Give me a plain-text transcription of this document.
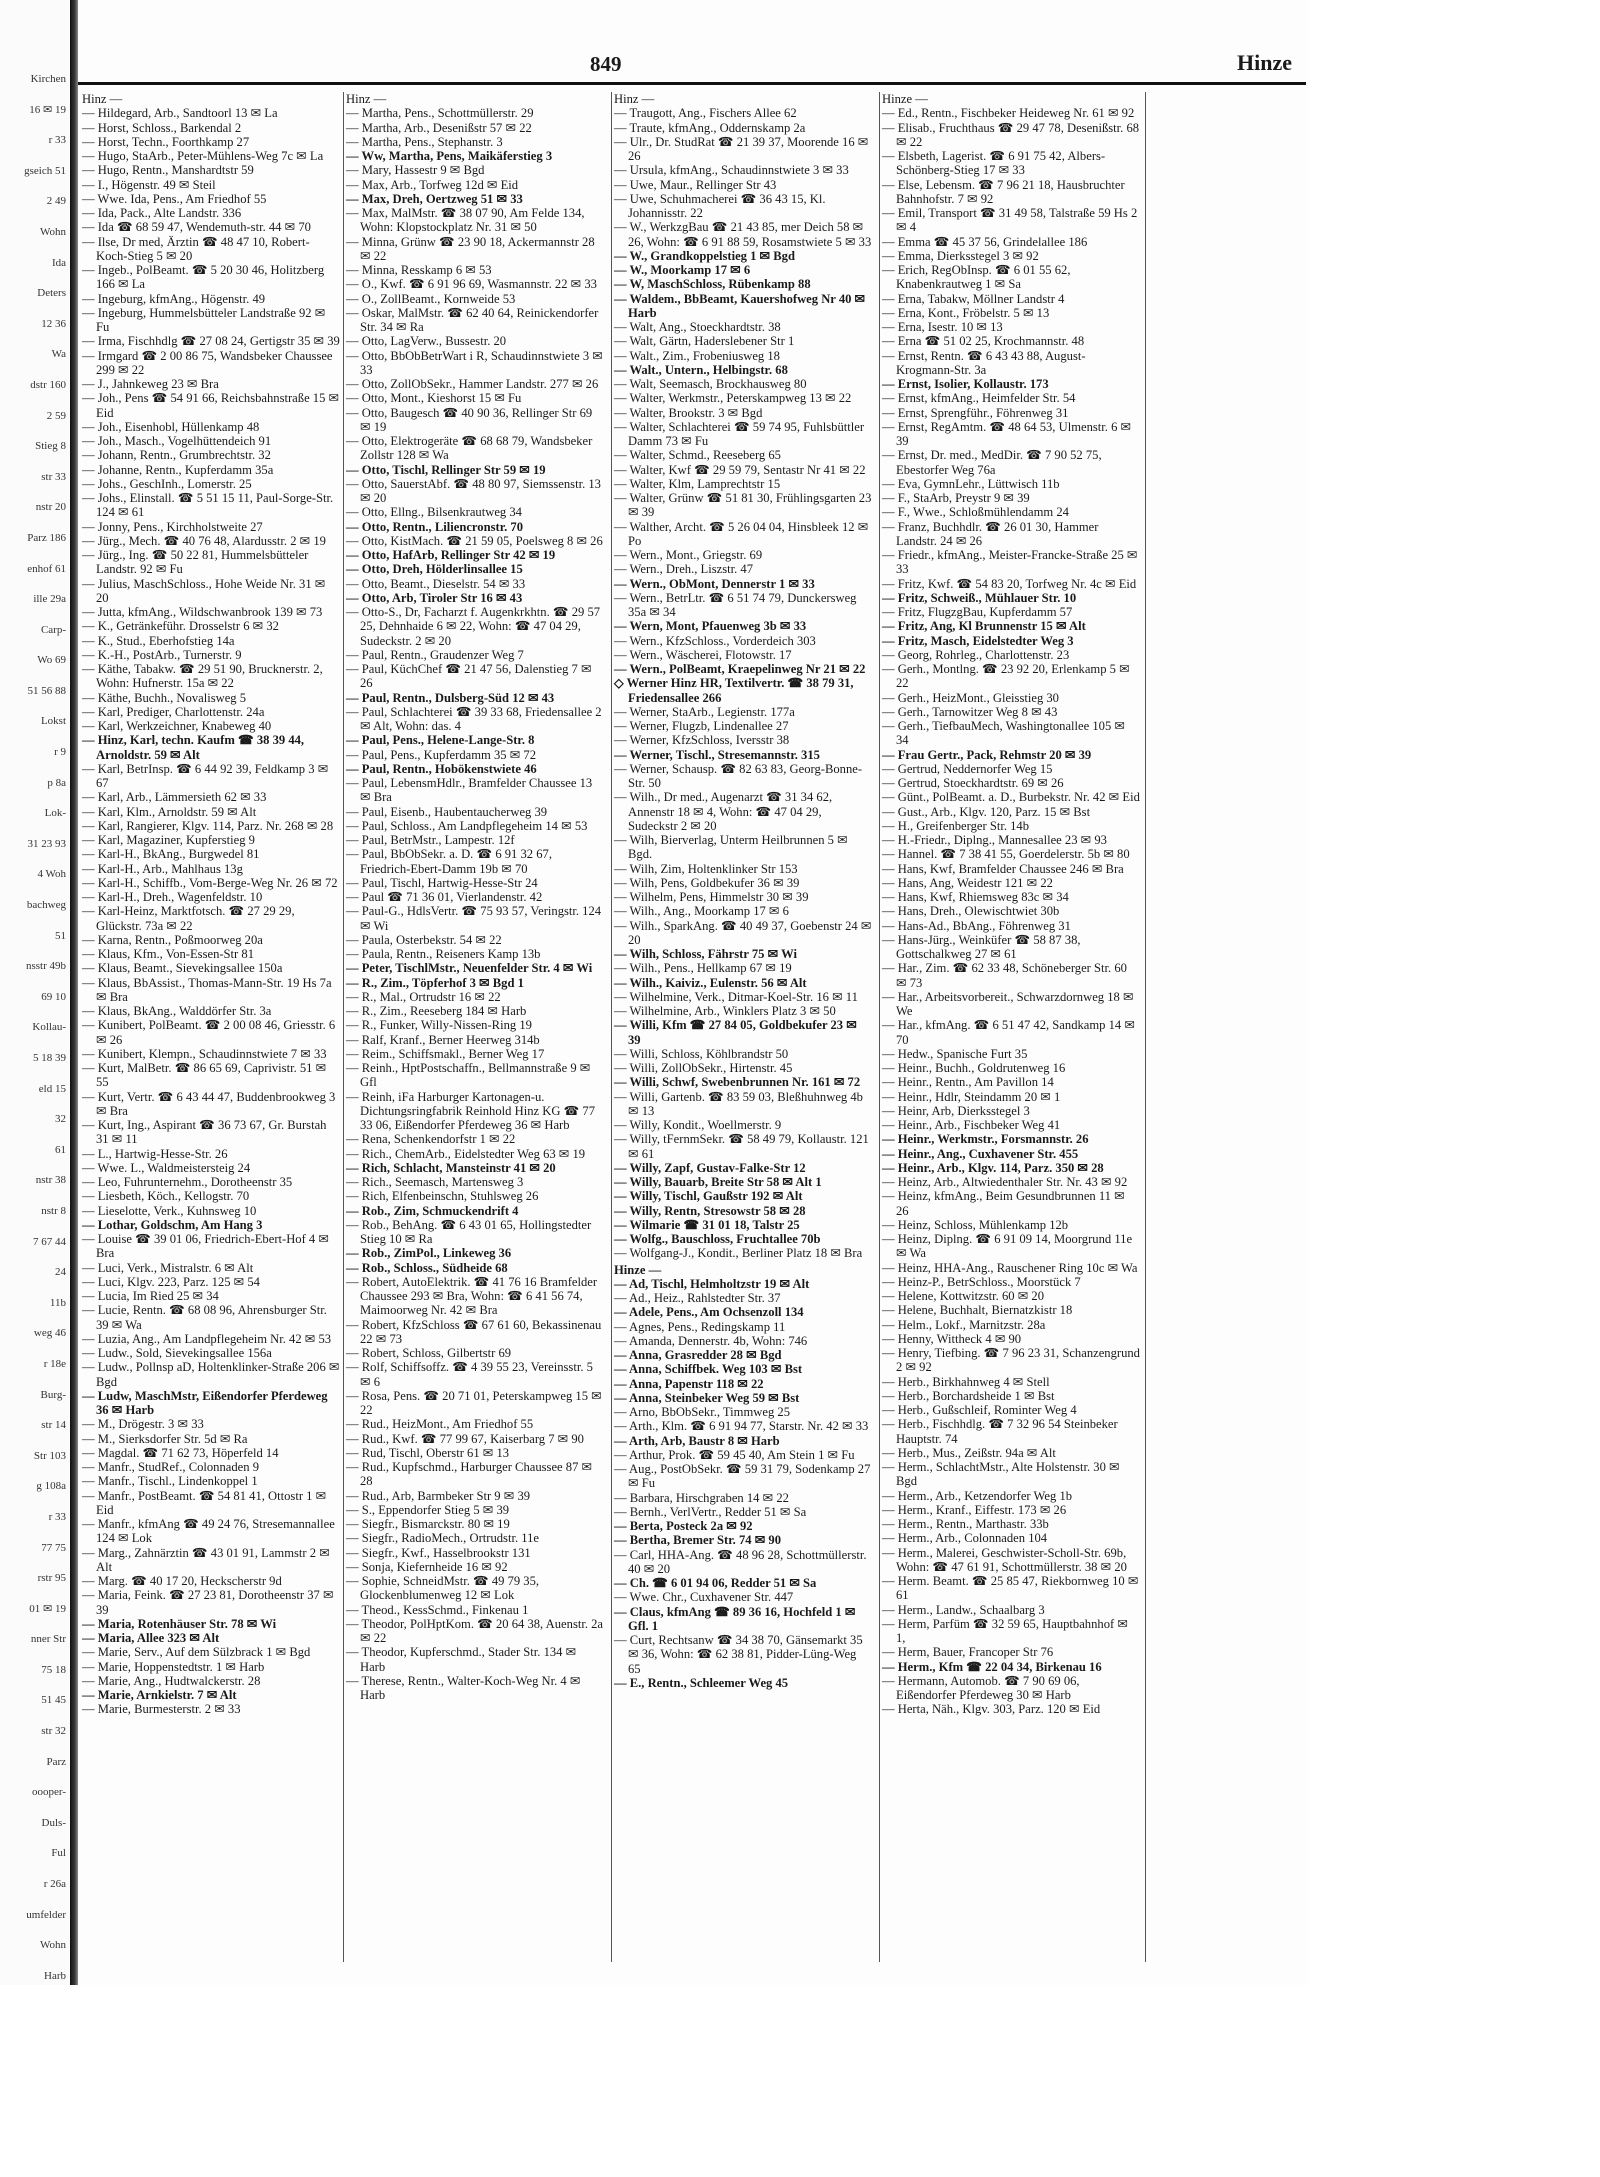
Kirchen
16 ✉ 19
r 33
gseich 51
2 49
Wohn
Ida
Deters
12 36
Wa
dstr 160
2 59
Stieg 8
str 33
nstr 20
Parz 186
enhof 61
ille 29a
Carp-
Wo 69
51 56 88
Lokst
r 9
p 8a
Lok-
31 23 93
4 Woh
bachweg
51
nsstr 49b
69 10
Kollau-
5 18 39
eld 15
32
61
nstr 38
nstr 8
7 67 44
24
11b
weg 46
r 18e
Burg-
str 14
Str 103
g 108a
r 33
77 75
rstr 95
01 ✉ 19
nner Str
75 18
51 45
str 32
Parz
oooper-
Duls-
Ful
r 26a
umfelder
Wohn
Harb
849	Hinze
Hinz —
— Hildegard, Arb., Sandtoorl 13 ✉ La
— Horst, Schloss., Barkendal 2
— Horst, Techn., Foorthkamp 27
— Hugo, StaArb., Peter-Mühlens-Weg 7c ✉ La
— Hugo, Rentn., Manshardtstr 59
— I., Högenstr. 49 ✉ Steil
— Wwe. Ida, Pens., Am Friedhof 55
— Ida, Pack., Alte Landstr. 336
— Ida ☎ 68 59 47, Wendemuth-str. 44 ✉ 70
— Ilse, Dr med, Ärztin ☎ 48 47 10, Robert-Koch-Stieg 5 ✉ 20
— Ingeb., PolBeamt. ☎ 5 20 30 46, Holitzberg 166 ✉ La
— Ingeburg, kfmAng., Högenstr. 49
— Ingeburg, Hummelsbütteler Landstraße 92 ✉ Fu
— Irma, Fischhdlg ☎ 27 08 24, Gertigstr 35 ✉ 39
— Irmgard ☎ 2 00 86 75, Wandsbeker Chaussee 299 ✉ 22
— J., Jahnkeweg 23 ✉ Bra
— Joh., Pens ☎ 54 91 66, Reichsbahnstraße 15 ✉ Eid
— Joh., Eisenhobl, Hüllenkamp 48
— Joh., Masch., Vogelhüttendeich 91
— Johann, Rentn., Grumbrechtstr. 32
— Johanne, Rentn., Kupferdamm 35a
— Johs., GeschInh., Lomerstr. 25
— Johs., Elinstall. ☎ 5 51 15 11, Paul-Sorge-Str. 124 ✉ 61
— Jonny, Pens., Kirchholstweite 27
— Jürg., Mech. ☎ 40 76 48, Alardusstr. 2 ✉ 19
— Jürg., Ing. ☎ 50 22 81, Hummelsbütteler Landstr. 92 ✉ Fu
— Julius, MaschSchloss., Hohe Weide Nr. 31 ✉ 20
— Jutta, kfmAng., Wildschwanbrook 139 ✉ 73
— K., Getränkeführ. Drosselstr 6 ✉ 32
— K., Stud., Eberhofstieg 14a
— K.-H., PostArb., Turnerstr. 9
— Käthe, Tabakw. ☎ 29 51 90, Brucknerstr. 2, Wohn: Hufnerstr. 15a ✉ 22
— Käthe, Buchh., Novalisweg 5
— Karl, Prediger, Charlottenstr. 24a
— Karl, Werkzeichner, Knabeweg 40
— Hinz, Karl, techn. Kaufm ☎ 38 39 44, Arnoldstr. 59 ✉ Alt
— Karl, BetrInsp. ☎ 6 44 92 39, Feldkamp 3 ✉ 67
— Karl, Arb., Lämmersieth 62 ✉ 33
— Karl, Klm., Arnoldstr. 59 ✉ Alt
— Karl, Rangierer, Klgv. 114, Parz. Nr. 268 ✉ 28
— Karl, Magaziner, Kupferstieg 9
— Karl-H., BkAng., Burgwedel 81
— Karl-H., Arb., Mahlhaus 13g
— Karl-H., Schiffb., Vom-Berge-Weg Nr. 26 ✉ 72
— Karl-H., Dreh., Wagenfeldstr. 10
— Karl-Heinz, Marktfotsch. ☎ 27 29 29, Glückstr. 73a ✉ 22
— Karna, Rentn., Poßmoorweg 20a
— Klaus, Kfm., Von-Essen-Str 81
— Klaus, Beamt., Sievekingsallee 150a
— Klaus, BbAssist., Thomas-Mann-Str. 19 Hs 7a ✉ Bra
— Klaus, BkAng., Walddörfer Str. 3a
— Kunibert, PolBeamt. ☎ 2 00 08 46, Griesstr. 6 ✉ 26
— Kunibert, Klempn., Schaudinnstwiete 7 ✉ 33
— Kurt, MalBetr. ☎ 86 65 69, Caprivistr. 51 ✉ 55
— Kurt, Vertr. ☎ 6 43 44 47, Buddenbrookweg 3 ✉ Bra
— Kurt, Ing., Aspirant ☎ 36 73 67, Gr. Burstah 31 ✉ 11
— L., Hartwig-Hesse-Str. 26
— Wwe. L., Waldmeistersteig 24
— Leo, Fuhrunternehm., Dorotheenstr 35
— Liesbeth, Köch., Kellogstr. 70
— Lieselotte, Verk., Kuhnsweg 10
— Lothar, Goldschm, Am Hang 3
— Louise ☎ 39 01 06, Friedrich-Ebert-Hof 4 ✉ Bra
— Luci, Verk., Mistralstr. 6 ✉ Alt
— Luci, Klgv. 223, Parz. 125 ✉ 54
— Lucia, Im Ried 25 ✉ 34
— Lucie, Rentn. ☎ 68 08 96, Ahrensburger Str. 39 ✉ Wa
— Luzia, Ang., Am Landpflegeheim Nr. 42 ✉ 53
— Ludw., Sold, Sievekingsallee 156a
— Ludw., Pollnsp aD, Holtenklinker-Straße 206 ✉ Bgd
— Ludw, MaschMstr, Eißendorfer Pferdeweg 36 ✉ Harb
— M., Drögestr. 3 ✉ 33
— M., Sierksdorfer Str. 5d ✉ Ra
— Magdal. ☎ 71 62 73, Höperfeld 14
— Manfr., StudRef., Colonnaden 9
— Manfr., Tischl., Lindenkoppel 1
— Manfr., PostBeamt. ☎ 54 81 41, Ottostr 1 ✉ Eid
— Manfr., kfmAng ☎ 49 24 76, Stresemannallee 124 ✉ Lok
— Marg., Zahnärztin ☎ 43 01 91, Lammstr 2 ✉ Alt
— Marg. ☎ 40 17 20, Heckscherstr 9d
— Maria, Feink. ☎ 27 23 81, Dorotheenstr 37 ✉ 39
— Maria, Rotenhäuser Str. 78 ✉ Wi
— Maria, Allee 323 ✉ Alt
— Marie, Serv., Auf dem Sülzbrack 1 ✉ Bgd
— Marie, Hoppenstedtstr. 1 ✉ Harb
— Marie, Ang., Hudtwalckerstr. 28
— Marie, Arnkielstr. 7 ✉ Alt
— Marie, Burmesterstr. 2 ✉ 33
Hinz —
— Martha, Pens., Schottmüllerstr. 29
— Martha, Arb., Desenißstr 57 ✉ 22
— Martha, Pens., Stephanstr. 3
— Ww, Martha, Pens, Maikäferstieg 3
— Mary, Hassestr 9 ✉ Bgd
— Max, Arb., Torfweg 12d ✉ Eid
— Max, Dreh, Oertzweg 51 ✉ 33
— Max, MalMstr. ☎ 38 07 90, Am Felde 134, Wohn: Klopstockplatz Nr. 31 ✉ 50
— Minna, Grünw ☎ 23 90 18, Ackermannstr 28 ✉ 22
— Minna, Resskamp 6 ✉ 53
— O., Kwf. ☎ 6 91 96 69, Wasmannstr. 22 ✉ 33
— O., ZollBeamt., Kornweide 53
— Oskar, MalMstr. ☎ 62 40 64, Reinickendorfer Str. 34 ✉ Ra
— Otto, LagVerw., Bussestr. 20
— Otto, BbObBetrWart i R, Schaudinnstwiete 3 ✉ 33
— Otto, ZollObSekr., Hammer Landstr. 277 ✉ 26
— Otto, Mont., Kieshorst 15 ✉ Fu
— Otto, Baugesch ☎ 40 90 36, Rellinger Str 69 ✉ 19
— Otto, Elektrogeräte ☎ 68 68 79, Wandsbeker Zollstr 128 ✉ Wa
— Otto, Tischl, Rellinger Str 59 ✉ 19
— Otto, SauerstAbf. ☎ 48 80 97, Siemssenstr. 13 ✉ 20
— Otto, Ellng., Bilsenkrautweg 34
— Otto, Rentn., Liliencronstr. 70
— Otto, KistMach. ☎ 21 59 05, Poelsweg 8 ✉ 26
— Otto, HafArb, Rellinger Str 42 ✉ 19
— Otto, Dreh, Hölderlinsallee 15
— Otto, Beamt., Dieselstr. 54 ✉ 33
— Otto, Arb, Tiroler Str 16 ✉ 43
— Otto-S., Dr, Facharzt f. Augenkrkhtn. ☎ 29 57 25, Dehnhaide 6 ✉ 22, Wohn: ☎ 47 04 29, Sudeckstr. 2 ✉ 20
— Paul, Rentn., Graudenzer Weg 7
— Paul, KüchChef ☎ 21 47 56, Dalenstieg 7 ✉ 26
— Paul, Rentn., Dulsberg-Süd 12 ✉ 43
— Paul, Schlachterei ☎ 39 33 68, Friedensallee 2 ✉ Alt, Wohn: das. 4
— Paul, Pens., Helene-Lange-Str. 8
— Paul, Pens., Kupferdamm 35 ✉ 72
— Paul, Rentn., Hobökenstwiete 46
— Paul, LebensmHdlr., Bramfelder Chaussee 13 ✉ Bra
— Paul, Eisenb., Haubentaucherweg 39
— Paul, Schloss., Am Landpflegeheim 14 ✉ 53
— Paul, BetrMstr., Lampestr. 12f
— Paul, BbObSekr. a. D. ☎ 6 91 32 67, Friedrich-Ebert-Damm 19b ✉ 70
— Paul, Tischl, Hartwig-Hesse-Str 24
— Paul ☎ 71 36 01, Vierlandenstr. 42
— Paul-G., HdlsVertr. ☎ 75 93 57, Veringstr. 124 ✉ Wi
— Paula, Osterbekstr. 54 ✉ 22
— Paula, Rentn., Reiseners Kamp 13b
— Peter, TischlMstr., Neuenfelder Str. 4 ✉ Wi
— R., Zim., Töpferhof 3 ✉ Bgd 1
— R., Mal., Ortrudstr 16 ✉ 22
— R., Zim., Reeseberg 184 ✉ Harb
— R., Funker, Willy-Nissen-Ring 19
— Ralf, Kranf., Berner Heerweg 314b
— Reim., Schiffsmakl., Berner Weg 17
— Reinh., HptPostschaffn., Bellmannstraße 9 ✉ Gfl
— Reinh, iFa Harburger Kartonagen-u. Dichtungsringfabrik Reinhold Hinz KG ☎ 77 33 06, Eißendorfer Pferdeweg 36 ✉ Harb
— Rena, Schenkendorfstr 1 ✉ 22
— Rich., ChemArb., Eidelstedter Weg 63 ✉ 19
— Rich, Schlacht, Mansteinstr 41 ✉ 20
— Rich., Seemasch, Martensweg 3
— Rich, Elfenbeinschn, Stuhlsweg 26
— Rob., Zim, Schmuckendrift 4
— Rob., BehAng. ☎ 6 43 01 65, Hollingstedter Stieg 10 ✉ Ra
— Rob., ZimPol., Linkeweg 36
— Rob., Schloss., Südheide 68
— Robert, AutoElektrik. ☎ 41 76 16 Bramfelder Chaussee 293 ✉ Bra, Wohn: ☎ 6 41 56 74, Maimoorweg Nr. 42 ✉ Bra
— Robert, KfzSchloss ☎ 67 61 60, Bekassinenau 22 ✉ 73
— Robert, Schloss, Gilbertstr 69
— Rolf, Schiffsoffz. ☎ 4 39 55 23, Vereinsstr. 5 ✉ 6
— Rosa, Pens. ☎ 20 71 01, Peterskampweg 15 ✉ 22
— Rud., HeizMont., Am Friedhof 55
— Rud., Kwf. ☎ 77 99 67, Kaiserbarg 7 ✉ 90
— Rud, Tischl, Oberstr 61 ✉ 13
— Rud., Kupfschmd., Harburger Chaussee 87 ✉ 28
— Rud., Arb, Barmbeker Str 9 ✉ 39
— S., Eppendorfer Stieg 5 ✉ 39
— Siegfr., Bismarckstr. 80 ✉ 19
— Siegfr., RadioMech., Ortrudstr. 11e
— Siegfr., Kwf., Hasselbrookstr 131
— Sonja, Kiefernheide 16 ✉ 92
— Sophie, SchneidMstr. ☎ 49 79 35, Glockenblumenweg 12 ✉ Lok
— Theod., KessSchmd., Finkenau 1
— Theodor, PolHptKom. ☎ 20 64 38, Auenstr. 2a ✉ 22
— Theodor, Kupferschmd., Stader Str. 134 ✉ Harb
— Therese, Rentn., Walter-Koch-Weg Nr. 4 ✉ Harb
Hinz —
— Traugott, Ang., Fischers Allee 62
— Traute, kfmAng., Oddernskamp 2a
— Ulr., Dr. StudRat ☎ 21 39 37, Moorende 16 ✉ 26
— Ursula, kfmAng., Schaudinnstwiete 3 ✉ 33
— Uwe, Maur., Rellinger Str 43
— Uwe, Schuhmacherei ☎ 36 43 15, Kl. Johannisstr. 22
— W., WerkzgBau ☎ 21 43 85, mer Deich 58 ✉ 26, Wohn: ☎ 6 91 88 59, Rosamstwiete 5 ✉ 33
— W., Grandkoppelstieg 1 ✉ Bgd
— W., Moorkamp 17 ✉ 6
— W, MaschSchloss, Rübenkamp 88
— Waldem., BbBeamt, Kauershofweg Nr 40 ✉ Harb
— Walt, Ang., Stoeckhardtstr. 38
— Walt, Gärtn, Haderslebener Str 1
— Walt., Zim., Frobeniusweg 18
— Walt., Untern., Helbingstr. 68
— Walt, Seemasch, Brockhausweg 80
— Walter, Werkmstr., Peterskampweg 13 ✉ 22
— Walter, Brookstr. 3 ✉ Bgd
— Walter, Schlachterei ☎ 59 74 95, Fuhlsbüttler Damm 73 ✉ Fu
— Walter, Schmd., Reeseberg 65
— Walter, Kwf ☎ 29 59 79, Sentastr Nr 41 ✉ 22
— Walter, Klm, Lamprechtstr 15
— Walter, Grünw ☎ 51 81 30, Frühlingsgarten 23 ✉ 39
— Walther, Archt. ☎ 5 26 04 04, Hinsbleek 12 ✉ Po
— Wern., Mont., Griegstr. 69
— Wern., Dreh., Liszstr. 47
— Wern., ObMont, Dennerstr 1 ✉ 33
— Wern., BetrLtr. ☎ 6 51 74 79, Dunckersweg 35a ✉ 34
— Wern, Mont, Pfauenweg 3b ✉ 33
— Wern., KfzSchloss., Vorderdeich 303
— Wern., Wäscherei, Flotowstr. 17
— Wern., PolBeamt, Kraepelinweg Nr 21 ✉ 22
◇ Werner Hinz HR, Textilvertr. ☎ 38 79 31, Friedensallee 266
— Werner, StaArb., Legienstr. 177a
— Werner, Flugzb, Lindenallee 27
— Werner, KfzSchloss, Iversstr 38
— Werner, Tischl., Stresemannstr. 315
— Werner, Schausp. ☎ 82 63 83, Georg-Bonne-Str. 50
— Wilh., Dr med., Augenarzt ☎ 31 34 62, Annenstr 18 ✉ 4, Wohn: ☎ 47 04 29, Sudeckstr 2 ✉ 20
— Wilh, Bierverlag, Unterm Heilbrunnen 5 ✉ Bgd.
— Wilh, Zim, Holtenklinker Str 153
— Wilh, Pens, Goldbekufer 36 ✉ 39
— Wilhelm, Pens, Himmelstr 30 ✉ 39
— Wilh., Ang., Moorkamp 17 ✉ 6
— Wilh., SparkAng. ☎ 40 49 37, Goebenstr 24 ✉ 20
— Wilh, Schloss, Fährstr 75 ✉ Wi
— Wilh., Pens., Hellkamp 67 ✉ 19
— Wilh., Kaiviz., Eulenstr. 56 ✉ Alt
— Wilhelmine, Verk., Ditmar-Koel-Str. 16 ✉ 11
— Wilhelmine, Arb., Winklers Platz 3 ✉ 50
— Willi, Kfm ☎ 27 84 05, Goldbekufer 23 ✉ 39
— Willi, Schloss, Köhlbrandstr 50
— Willi, ZollObSekr., Hirtenstr. 45
— Willi, Schwf, Swebenbrunnen Nr. 161 ✉ 72
— Willi, Gartenb. ☎ 83 59 03, Bleßhuhnweg 4b ✉ 13
— Willy, Kondit., Woellmerstr. 9
— Willy, tFernmSekr. ☎ 58 49 79, Kollaustr. 121 ✉ 61
— Willy, Zapf, Gustav-Falke-Str 12
— Willy, Bauarb, Breite Str 58 ✉ Alt 1
— Willy, Tischl, Gaußstr 192 ✉ Alt
— Willy, Rentn, Stresowstr 58 ✉ 28
— Wilmarie ☎ 31 01 18, Talstr 25
— Wolfg., Bauschloss, Fruchtallee 70b
— Wolfgang-J., Kondit., Berliner Platz 18 ✉ Bra
Hinze —
— Ad, Tischl, Helmholtzstr 19 ✉ Alt
— Ad., Heiz., Rahlstedter Str. 37
— Adele, Pens., Am Ochsenzoll 134
— Agnes, Pens., Redingskamp 11
— Amanda, Dennerstr. 4b, Wohn: 746
— Anna, Grasredder 28 ✉ Bgd
— Anna, Schiffbek. Weg 103 ✉ Bst
— Anna, Papenstr 118 ✉ 22
— Anna, Steinbeker Weg 59 ✉ Bst
— Arno, BbObSekr., Timmweg 25
— Arth., Klm. ☎ 6 91 94 77, Starstr. Nr. 42 ✉ 33
— Arth, Arb, Baustr 8 ✉ Harb
— Arthur, Prok. ☎ 59 45 40, Am Stein 1 ✉ Fu
— Aug., PostObSekr. ☎ 59 31 79, Sodenkamp 27 ✉ Fu
— Barbara, Hirschgraben 14 ✉ 22
— Bernh., VerlVertr., Redder 51 ✉ Sa
— Berta, Posteck 2a ✉ 92
— Bertha, Bremer Str. 74 ✉ 90
— Carl, HHA-Ang. ☎ 48 96 28, Schottmüllerstr. 40 ✉ 20
— Ch. ☎ 6 01 94 06, Redder 51 ✉ Sa
— Wwe. Chr., Cuxhavener Str. 447
— Claus, kfmAng ☎ 89 36 16, Hochfeld 1 ✉ Gfl. 1
— Curt, Rechtsanw ☎ 34 38 70, Gänsemarkt 35 ✉ 36, Wohn: ☎ 62 38 81, Pidder-Lüng-Weg 65
— E., Rentn., Schleemer Weg 45
Hinze —
— Ed., Rentn., Fischbeker Heideweg Nr. 61 ✉ 92
— Elisab., Fruchthaus ☎ 29 47 78, Desenißstr. 68 ✉ 22
— Elsbeth, Lagerist. ☎ 6 91 75 42, Albers-Schönberg-Stieg 17 ✉ 33
— Else, Lebensm. ☎ 7 96 21 18, Hausbruchter Bahnhofstr. 7 ✉ 92
— Emil, Transport ☎ 31 49 58, Talstraße 59 Hs 2 ✉ 4
— Emma ☎ 45 37 56, Grindelallee 186
— Emma, Dierksstegel 3 ✉ 92
— Erich, RegObInsp. ☎ 6 01 55 62, Knabenkrautweg 1 ✉ Sa
— Erna, Tabakw, Möllner Landstr 4
— Erna, Kont., Fröbelstr. 5 ✉ 13
— Erna, Isestr. 10 ✉ 13
— Erna ☎ 51 02 25, Krochmannstr. 48
— Ernst, Rentn. ☎ 6 43 43 88, August-Krogmann-Str. 3a
— Ernst, Isolier, Kollaustr. 173
— Ernst, kfmAng., Heimfelder Str. 54
— Ernst, Sprengführ., Föhrenweg 31
— Ernst, RegAmtm. ☎ 48 64 53, Ulmenstr. 6 ✉ 39
— Ernst, Dr. med., MedDir. ☎ 7 90 52 75, Ebestorfer Weg 76a
— Eva, GymnLehr., Lüttwisch 11b
— F., StaArb, Preystr 9 ✉ 39
— F., Wwe., Schloßmühlendamm 24
— Franz, Buchhdlr. ☎ 26 01 30, Hammer Landstr. 24 ✉ 26
— Friedr., kfmAng., Meister-Francke-Straße 25 ✉ 33
— Fritz, Kwf. ☎ 54 83 20, Torfweg Nr. 4c ✉ Eid
— Fritz, Schweiß., Mühlauer Str. 10
— Fritz, FlugzgBau, Kupferdamm 57
— Fritz, Ang, Kl Brunnenstr 15 ✉ Alt
— Fritz, Masch, Eidelstedter Weg 3
— Georg, Rohrleg., Charlottenstr. 23
— Gerh., Montlng. ☎ 23 92 20, Erlenkamp 5 ✉ 22
— Gerh., HeizMont., Gleisstieg 30
— Gerh., Tarnowitzer Weg 8 ✉ 43
— Gerh., TiefbauMech, Washingtonallee 105 ✉ 34
— Frau Gertr., Pack, Rehmstr 20 ✉ 39
— Gertrud, Neddernorfer Weg 15
— Gertrud, Stoeckhardtstr. 69 ✉ 26
— Günt., PolBeamt. a. D., Burbekstr. Nr. 42 ✉ Eid
— Gust., Arb., Klgv. 120, Parz. 15 ✉ Bst
— H., Greifenberger Str. 14b
— H.-Friedr., Diplng., Mannesallee 23 ✉ 93
— Hannel. ☎ 7 38 41 55, Goerdelerstr. 5b ✉ 80
— Hans, Kwf, Bramfelder Chaussee 246 ✉ Bra
— Hans, Ang, Weidestr 121 ✉ 22
— Hans, Kwf, Rhiemsweg 83c ✉ 34
— Hans, Dreh., Olewischtwiet 30b
— Hans-Ad., BbAng., Föhrenweg 31
— Hans-Jürg., Weinküfer ☎ 58 87 38, Gottschalkweg 27 ✉ 61
— Har., Zim. ☎ 62 33 48, Schöneberger Str. 60 ✉ 73
— Har., Arbeitsvorbereit., Schwarzdornweg 18 ✉ We
— Har., kfmAng. ☎ 6 51 47 42, Sandkamp 14 ✉ 70
— Hedw., Spanische Furt 35
— Heinr., Buchh., Goldrutenweg 16
— Heinr., Rentn., Am Pavillon 14
— Heinr., Hdlr, Steindamm 20 ✉ 1
— Heinr, Arb, Dierksstegel 3
— Heinr., Arb., Fischbeker Weg 41
— Heinr., Werkmstr., Forsmannstr. 26
— Heinr., Ang., Cuxhavener Str. 455
— Heinr., Arb., Klgv. 114, Parz. 350 ✉ 28
— Heinz, Arb., Altwiedenthaler Str. Nr. 43 ✉ 92
— Heinz, kfmAng., Beim Gesundbrunnen 11 ✉ 26
— Heinz, Schloss, Mühlenkamp 12b
— Heinz, Diplng. ☎ 6 91 09 14, Moorgrund 11e ✉ Wa
— Heinz, HHA-Ang., Rauschener Ring 10c ✉ Wa
— Heinz-P., BetrSchloss., Moorstück 7
— Helene, Kottwitzstr. 60 ✉ 20
— Helene, Buchhalt, Biernatzkistr 18
— Helm., Lokf., Marnitzstr. 28a
— Henny, Wittheck 4 ✉ 90
— Henry, Tiefbing. ☎ 7 96 23 31, Schanzengrund 2 ✉ 92
— Herb., Birkhahnweg 4 ✉ Stell
— Herb., Borchardsheide 1 ✉ Bst
— Herb., Gußschleif, Rominter Weg 4
— Herb., Fischhdlg. ☎ 7 32 96 54 Steinbeker Hauptstr. 74
— Herb., Mus., Zeißstr. 94a ✉ Alt
— Herm., SchlachtMstr., Alte Holstenstr. 30 ✉ Bgd
— Herm., Arb., Ketzendorfer Weg 1b
— Herm., Kranf., Eiffestr. 173 ✉ 26
— Herm., Rentn., Marthastr. 33b
— Herm., Arb., Colonnaden 104
— Herm., Malerei, Geschwister-Scholl-Str. 69b, Wohn: ☎ 47 61 91, Schottmüllerstr. 38 ✉ 20
— Herm. Beamt. ☎ 25 85 47, Riekbornweg 10 ✉ 61
— Herm., Landw., Schaalbarg 3
— Herm, Parfüm ☎ 32 59 65, Hauptbahnhof ✉ 1,
— Herm, Bauer, Francoper Str 76
— Herm., Kfm ☎ 22 04 34, Birkenau 16
— Hermann, Automob. ☎ 7 90 69 06, Eißendorfer Pferdeweg 30 ✉ Harb
— Herta, Näh., Klgv. 303, Parz. 120 ✉ Eid
